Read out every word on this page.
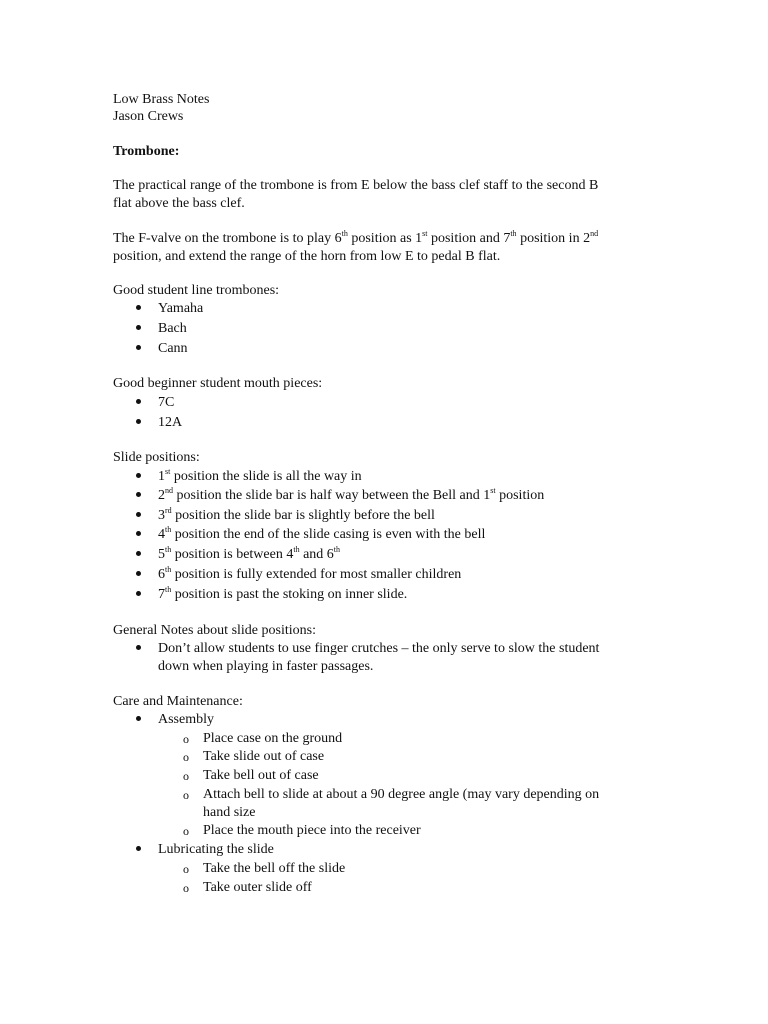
Low Brass Notes
Jason Crews
Trombone:
The practical range of the trombone is from E below the bass clef staff to the second B
flat above the bass clef.
The F-valve on the trombone is to play 6th position as 1st position and 7th position in 2nd
position, and extend the range of the horn from low E to pedal B flat.
Good student line trombones:
Yamaha
Bach
Cann
Good beginner student mouth pieces:
7C
12A
Slide positions:
1st position the slide is all the way in
2nd position the slide bar is half way between the Bell and 1st position
3rd position the slide bar is slightly before the bell
4th position the end of the slide casing is even with the bell
5th position is between 4th and 6th
6th position is fully extended for most smaller children
7th position is past the stoking on inner slide.
General Notes about slide positions:
Don’t allow students to use finger crutches – the only serve to slow the student
down when playing in faster passages.
Care and Maintenance:
Assembly
o Place case on the ground
o Take slide out of case
o Take bell out of case
o Attach bell to slide at about a 90 degree angle (may vary depending on
hand size
o Place the mouth piece into the receiver
Lubricating the slide
o Take the bell off the slide
o Take outer slide off
